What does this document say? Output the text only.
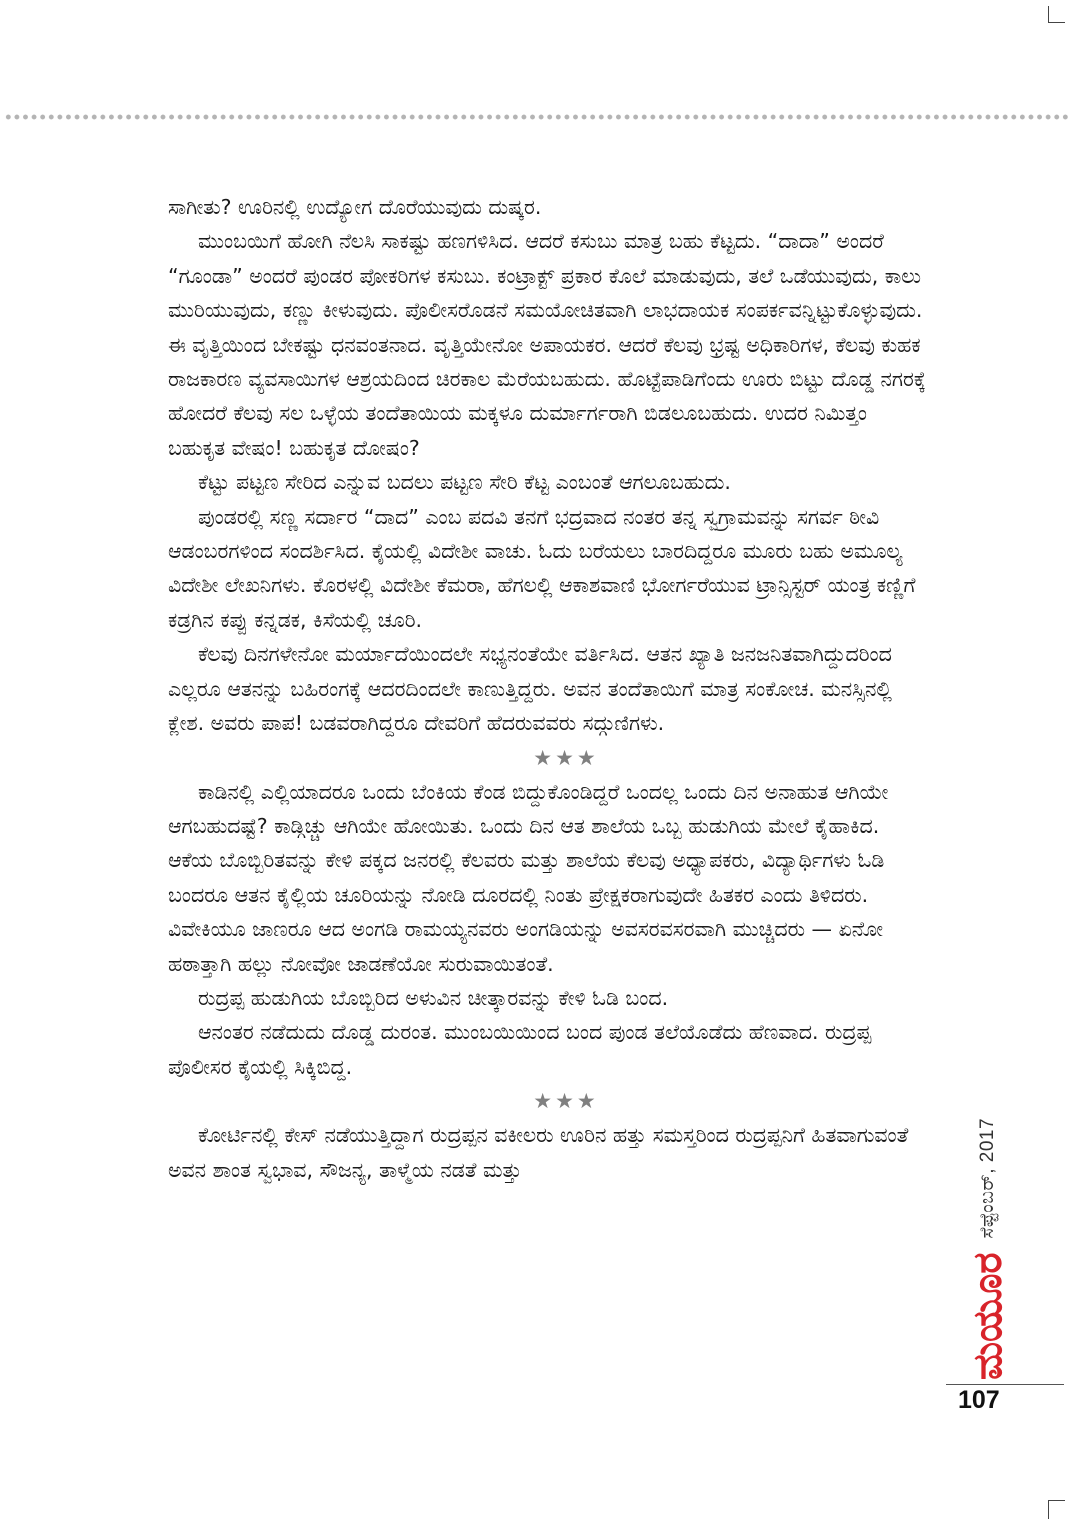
ಸಾಗೀತು? ಊರಿನಲ್ಲಿ ಉದ್ಯೋಗ ದೊರೆಯುವುದು ದುಷ್ಕರ.

ಮುಂಬಯಿಗೆ ಹೋಗಿ ನೆಲಸಿ ಸಾಕಷ್ಟು ಹಣಗಳಿಸಿದ. ಆದರೆ ಕಸುಬು ಮಾತ್ರ ಬಹು ಕೆಟ್ಟದು. “ದಾದಾ” ಅಂದರೆ “ಗೂಂಡಾ” ಅಂದರೆ ಪುಂಡರ ಪೋಕರಿಗಳ ಕಸುಬು. ಕಂಟ್ರಾಕ್ಟ್ ಪ್ರಕಾರ ಕೊಲೆ ಮಾಡುವುದು, ತಲೆ ಒಡೆಯುವುದು, ಕಾಲು ಮುರಿಯುವುದು, ಕಣ್ಣು ಕೀಳುವುದು. ಪೊಲೀಸರೊಡನೆ ಸಮಯೋಚಿತವಾಗಿ ಲಾಭದಾಯಕ ಸಂಪರ್ಕವನ್ನಿಟ್ಟುಕೊಳ್ಳುವುದು. ಈ ವೃತ್ತಿಯಿಂದ ಬೇಕಷ್ಟು ಧನವಂತನಾದ. ವೃತ್ತಿಯೇನೋ ಅಪಾಯಕರ. ಆದರೆ ಕೆಲವು ಭ್ರಷ್ಟ ಅಧಿಕಾರಿಗಳ, ಕೆಲವು ಕುಹಕ ರಾಜಕಾರಣ ವ್ಯವಸಾಯಿಗಳ ಆಶ್ರಯದಿಂದ ಚಿರಕಾಲ ಮೆರೆಯಬಹುದು. ಹೊಟ್ಟೆಪಾಡಿಗೆಂದು ಊರು ಬಿಟ್ಟು ದೊಡ್ಡ ನಗರಕ್ಕೆ ಹೋದರೆ ಕೆಲವು ಸಲ ಒಳ್ಳೆಯ ತಂದೆತಾಯಿಯ ಮಕ್ಕಳೂ ದುರ್ಮಾರ್ಗರಾಗಿ ಬಿಡಲೂಬಹುದು. ಉದರ ನಿಮಿತ್ತಂ ಬಹುಕೃತ ವೇಷಂ! ಬಹುಕೃತ ದೋಷಂ?

ಕೆಟ್ಟು ಪಟ್ಟಣ ಸೇರಿದ ಎನ್ನುವ ಬದಲು ಪಟ್ಟಣ ಸೇರಿ ಕೆಟ್ಟ ಎಂಬಂತೆ ಆಗಲೂಬಹುದು.

ಪುಂಡರಲ್ಲಿ ಸಣ್ಣ ಸರ್ದಾರ “ದಾದ” ಎಂಬ ಪದವಿ ತನಗೆ ಭದ್ರವಾದ ನಂತರ ತನ್ನ ಸ್ವಗ್ರಾಮವನ್ನು ಸಗರ್ವ ಠೀವಿ ಆಡಂಬರಗಳಿಂದ ಸಂದರ್ಶಿಸಿದ. ಕೈಯಲ್ಲಿ ವಿದೇಶೀ ವಾಚು. ಓದು ಬರೆಯಲು ಬಾರದಿದ್ದರೂ ಮೂರು ಬಹು ಅಮೂಲ್ಯ ವಿದೇಶೀ ಲೇಖನಿಗಳು. ಕೊರಳಲ್ಲಿ ವಿದೇಶೀ ಕೆಮರಾ, ಹೆಗಲಲ್ಲಿ ಆಕಾಶವಾಣಿ ಭೋರ್ಗರೆಯುವ ಟ್ರಾನ್ಸಿಸ್ಟರ್ ಯಂತ್ರ ಕಣ್ಣಿಗೆ ಕಡ್ರಗಿನ ಕಪ್ಪು ಕನ್ನಡಕ, ಕಿಸೆಯಲ್ಲಿ ಚೂರಿ.

ಕೆಲವು ದಿನಗಳೇನೋ ಮರ್ಯಾದೆಯಿಂದಲೇ ಸಭ್ಯನಂತೆಯೇ ವರ್ತಿಸಿದ. ಆತನ ಖ್ಯಾತಿ ಜನಜನಿತವಾಗಿದ್ದುದರಿಂದ ಎಲ್ಲರೂ ಆತನನ್ನು ಬಹಿರಂಗಕ್ಕೆ ಆದರದಿಂದಲೇ ಕಾಣುತ್ತಿದ್ದರು. ಅವನ ತಂದೆತಾಯಿಗೆ ಮಾತ್ರ ಸಂಕೋಚ. ಮನಸ್ಸಿನಲ್ಲಿ ಕ್ಲೇಶ. ಅವರು ಪಾಪ! ಬಡವರಾಗಿದ್ದರೂ ದೇವರಿಗೆ ಹೆದರುವವರು ಸದ್ಗುಣಿಗಳು.

★★★

ಕಾಡಿನಲ್ಲಿ ಎಲ್ಲಿಯಾದರೂ ಒಂದು ಬೆಂಕಿಯ ಕೆಂಡ ಬಿದ್ದುಕೊಂಡಿದ್ದರೆ ಒಂದಲ್ಲ ಒಂದು ದಿನ ಅನಾಹುತ ಆಗಿಯೇ ಆಗಬಹುದಷ್ಟೆ? ಕಾಡ್ಗಿಚ್ಚು ಆಗಿಯೇ ಹೋಯಿತು. ಒಂದು ದಿನ ಆತ ಶಾಲೆಯ ಒಬ್ಬ ಹುಡುಗಿಯ ಮೇಲೆ ಕೈಹಾಕಿದ. ಆಕೆಯ ಬೊಬ್ಬಿರಿತವನ್ನು ಕೇಳಿ ಪಕ್ಕದ ಜನರಲ್ಲಿ ಕೆಲವರು ಮತ್ತು ಶಾಲೆಯ ಕೆಲವು ಅಧ್ಯಾಪಕರು, ವಿದ್ಯಾರ್ಥಿಗಳು ಓಡಿ ಬಂದರೂ ಆತನ ಕೈಲ್ಲಿಯ ಚೂರಿಯನ್ನು ನೋಡಿ ದೂರದಲ್ಲಿ ನಿಂತು ಪ್ರೇಕ್ಷಕರಾಗುವುದೇ ಹಿತಕರ ಎಂದು ತಿಳಿದರು. ವಿವೇಕಿಯೂ ಜಾಣರೂ ಆದ ಅಂಗಡಿ ರಾಮಯ್ಯನವರು ಅಂಗಡಿಯನ್ನು ಅವಸರವಸರವಾಗಿ ಮುಚ್ಚಿದರು — ಏನೋ ಹಠಾತ್ತಾಗಿ ಹಲ್ಲು ನೋವೋ ಜಾಡಣೆಯೋ ಸುರುವಾಯಿತಂತೆ.

ರುದ್ರಪ್ಪ ಹುಡುಗಿಯ ಬೊಬ್ಬಿರಿದ ಅಳುವಿನ ಚೀತ್ಕಾರವನ್ನು ಕೇಳಿ ಓಡಿ ಬಂದ.

ಆನಂತರ ನಡೆದುದು ದೊಡ್ಡ ದುರಂತ. ಮುಂಬಯಿಯಿಂದ ಬಂದ ಪುಂಡ ತಲೆಯೊಡೆದು ಹೆಣವಾದ. ರುದ್ರಪ್ಪ ಪೊಲೀಸರ ಕೈಯಲ್ಲಿ ಸಿಕ್ಕಿಬಿದ್ದ.

★★★

ಕೋರ್ಟಿನಲ್ಲಿ ಕೇಸ್ ನಡೆಯುತ್ತಿದ್ದಾಗ ರುದ್ರಪ್ಪನ ವಕೀಲರು ಊರಿನ ಹತ್ತು ಸಮಸ್ತರಿಂದ ರುದ್ರಪ್ಪನಿಗೆ ಹಿತವಾಗುವಂತೆ ಅವನ ಶಾಂತ ಸ್ವಭಾವ, ಸೌಜನ್ಯ, ತಾಳ್ಮೆಯ ನಡತೆ ಮತ್ತು

ಮಯೂರ
ಸೆಪ್ಟೆಂಬರ್, 2017
107
